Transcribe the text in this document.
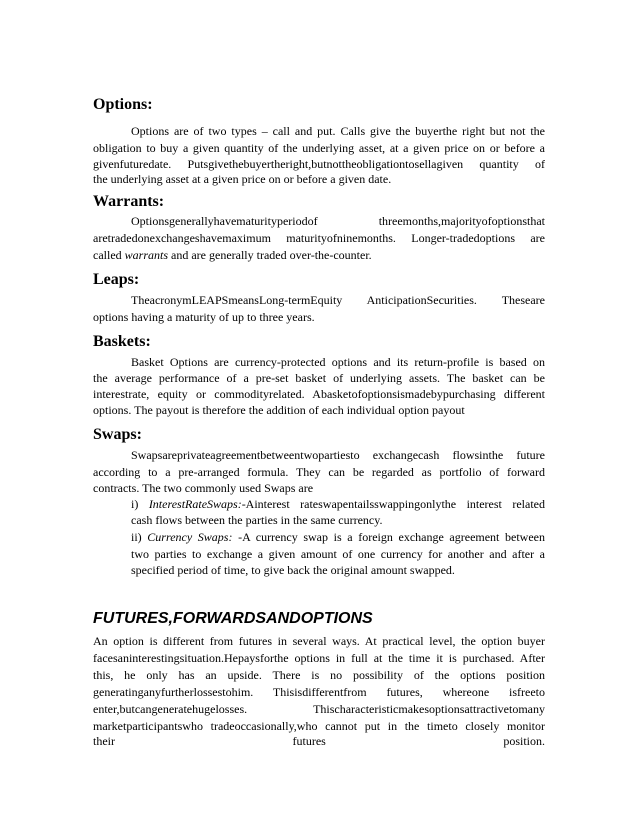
Options:
Options are of two types – call and put. Calls give the buyerthe right but not the
obligation to buy a given quantity of the underlying asset, at a given price on or before a
givenfuturedate. Putsgivethebuyertheright,butnottheobligationtosellagiven quantity of
the underlying asset at a given price on or before a given date.
Warrants:
Optionsgenerallyhavematurityperiodof threemonths,majorityofoptionsthat
aretradedonexchangeshavemaximum maturityofninemonths. Longer-tradedoptions are
called warrants and are generally traded over-the-counter.
Leaps:
TheacronymLEAPSmeansLong-termEquity AnticipationSecurities. Theseare
options having a maturity of up to three years.
Baskets:
Basket Options are currency-protected options and its return-profile is based on
the average performance of a pre-set basket of underlying assets. The basket can be
interestrate, equity or commodityrelated. Abasketofoptionsismadebypurchasing different
options. The payout is therefore the addition of each individual option payout
Swaps:
Swapsareprivateagreementbetweentwopartiesto exchangecash flowsinthe future
according to a pre-arranged formula. They can be regarded as portfolio of forward
contracts. The two commonly used Swaps are
i) InterestRateSwaps:-Ainterest rateswapentailsswappingonlythe interest related
cash flows between the parties in the same currency.
ii) Currency Swaps: -A currency swap is a foreign exchange agreement between
two parties to exchange a given amount of one currency for another and after a
specified period of time, to give back the original amount swapped.
FUTURES,FORWARDSANDOPTIONS
An option is different from futures in several ways. At practical level, the option buyer
facesaninterestingsituation.Hepaysforthe options in full at the time it is purchased. After
this, he only has an upside. There is no possibility of the options position
generatinganyfurtherlossestohim. Thisisdifferentfrom futures, whereone isfreeto
enter,butcangeneratehugelosses. Thischaracteristicmakesoptionsattractivetomany
marketparticipantswho tradeoccasionally,who cannot put in the timeto closely monitor
their futures position.
